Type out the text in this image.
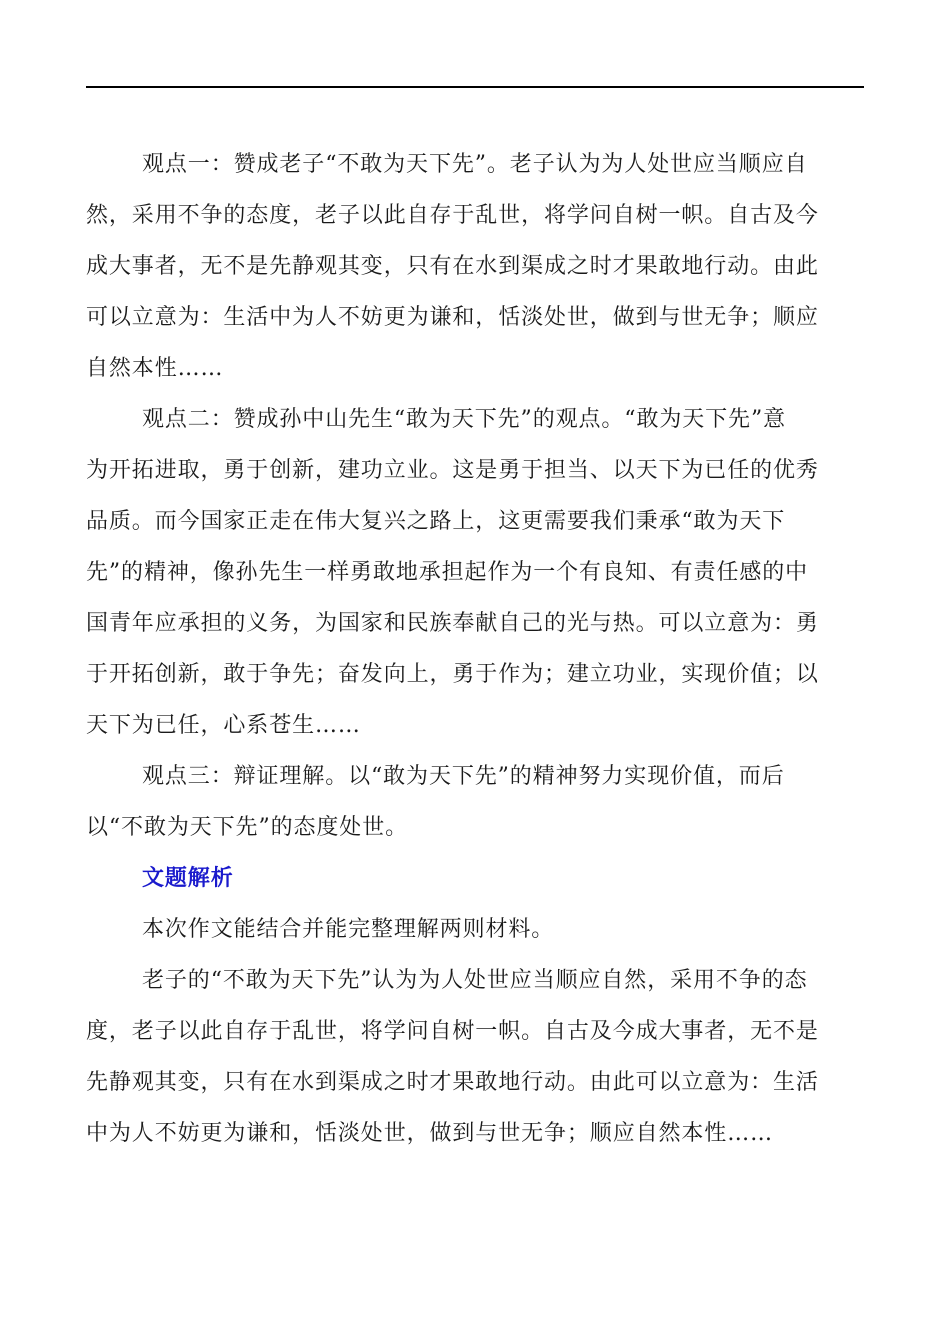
观点一：赞成老子“不敢为天下先”。老子认为为人处世应当顺应自
然，采用不争的态度，老子以此自存于乱世，将学问自树一帜。自古及今
成大事者，无不是先静观其变，只有在水到渠成之时才果敢地行动。由此
可以立意为：生活中为人不妨更为谦和，恬淡处世，做到与世无争；顺应
自然本性……
观点二：赞成孙中山先生“敢为天下先”的观点。“敢为天下先”意
为开拓进取，勇于创新，建功立业。这是勇于担当、以天下为已任的优秀
品质。而今国家正走在伟大复兴之路上，这更需要我们秉承“敢为天下
先”的精神，像孙先生一样勇敢地承担起作为一个有良知、有责任感的中
国青年应承担的义务，为国家和民族奉献自己的光与热。可以立意为：勇
于开拓创新，敢于争先；奋发向上，勇于作为；建立功业，实现价值；以
天下为已任，心系苍生……
观点三：辩证理解。以“敢为天下先”的精神努力实现价值，而后
以“不敢为天下先”的态度处世。
文题解析
本次作文能结合并能完整理解两则材料。
老子的“不敢为天下先”认为为人处世应当顺应自然，采用不争的态
度，老子以此自存于乱世，将学问自树一帜。自古及今成大事者，无不是
先静观其变，只有在水到渠成之时才果敢地行动。由此可以立意为：生活
中为人不妨更为谦和，恬淡处世，做到与世无争；顺应自然本性……
